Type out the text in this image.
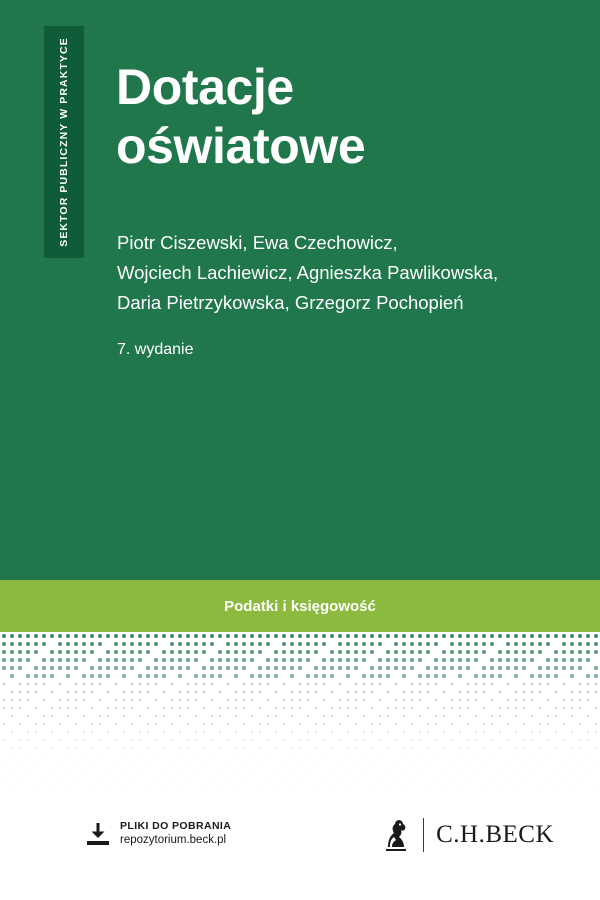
SEKTOR PUBLICZNY W PRAKTYCE Dotacje
oświatowe
Piotr Ciszewski, Ewa Czechowicz,
Wojciech Lachiewicz, Agnieszka Pawlikowska,
Daria Pietrzykowska, Grzegorz Pochopień
7. wydanie
Podatki i księgowość
PLIKI DO POBRANIA
repozytorium.beck.pl	C.H.BECK
